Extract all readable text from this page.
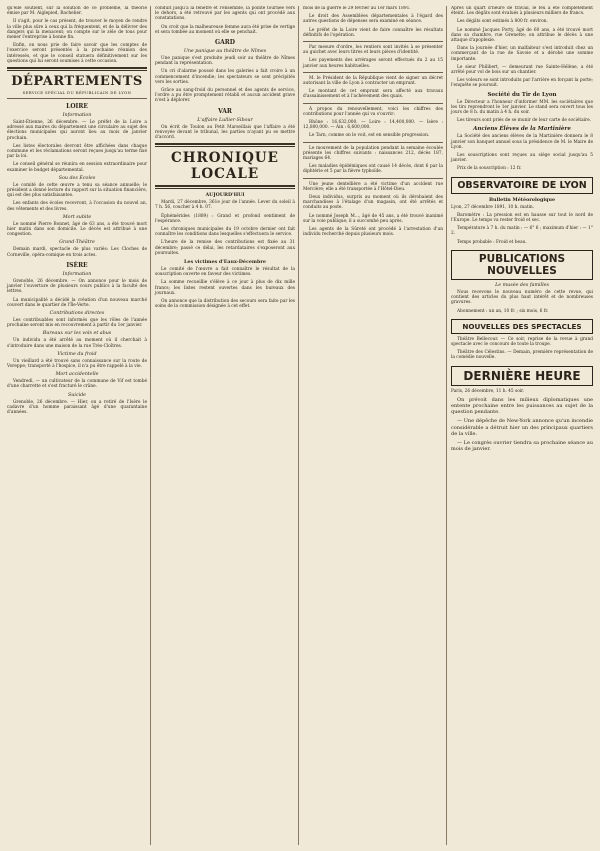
qu'elle soutient, sur la solution de ce problème, la théorie émise par M. Aiglepied, Bachelier.

Il s'agit, pour le cas présent, de trouver le moyen de rendre la ville plus sûre à ceux qui la fréquentent, et de la délivrer des dangers qui la menacent; on compte sur le zèle de tous pour mener l'entreprise à bonne fin.

Enfin, on nous prie de faire savoir que les comptes de l'exercice seront présentés à la prochaine réunion des intéressés, et que le conseil statuera définitivement sur les questions qui lui seront soumises à cette occasion.

DÉPARTEMENTS
SERVICE SPÉCIAL DU RÉPUBLICAIN DE LYON
LOIRE
Information

Saint-Étienne, 26 décembre. — Le préfet de la Loire a adressé aux maires du département une circulaire au sujet des élections municipales qui auront lieu au mois de janvier prochain.

Les listes électorales devront être affichées dans chaque commune et les réclamations seront reçues jusqu'au terme fixé par la loi.

Le conseil général se réunira en session extraordinaire pour examiner le budget départemental.

Sou des Écoles

Le comité de cette œuvre a tenu sa séance annuelle; le président a donné lecture du rapport sur la situation financière, qui est des plus satisfaisantes.

Les enfants des écoles recevront, à l'occasion du nouvel an, des vêtements et des livres.

Mort subite

Le nommé Pierre Bonnet, âgé de 63 ans, a été trouvé mort hier matin dans son domicile. Le décès est attribué à une congestion.

Grand-Théâtre

Demain mardi, spectacle de plus variés: Les Cloches de Corneville, opéra-comique en trois actes.

ISÈRE
Information

Grenoble, 26 décembre. — On annonce pour le mois de janvier l'ouverture de plusieurs cours publics à la faculté des lettres.

La municipalité a décidé la création d'un nouveau marché couvert dans le quartier de l'Île-Verte.

Contributions directes

Les contribuables sont informés que les rôles de l'année prochaine seront mis en recouvrement à partir du 1er janvier.

Bureaux sur les vols et abus

Un individu a été arrêté au moment où il cherchait à s'introduire dans une maison de la rue Très-Cloîtres.

Victime du froid

Un vieillard a été trouvé sans connaissance sur la route de Voreppe; transporté à l'hospice, il n'a pu être rappelé à la vie.

Mort accidentelle

Vendredi, — un cultivateur de la commune de Vif est tombé d'une charrette et s'est fracturé le crâne.

Suicide

Grenoble, 26 décembre. — Hier, on a retiré de l'Isère le cadavre d'un homme paraissant âgé d'une quarantaine d'années.

conduit jusqu'à la fenêtre et l'ensemble, la pointe tournée vers le dehors, a été retrouvé par les agents qui ont procédé aux constatations.

On croit que la malheureuse femme aura été prise de vertige et sera tombée au moment où elle se penchait.

GARD
Une panique au théâtre de Nîmes

Une panique s'est produite jeudi soir au théâtre de Nîmes pendant la représentation.

Un cri d'alarme poussé dans les galeries a fait croire à un commencement d'incendie; les spectateurs se sont précipités vers les sorties.

Grâce au sang-froid du personnel et des agents de service, l'ordre a pu être promptement rétabli et aucun accident grave n'est à déplorer.

VAR
L'affaire Lullier-Sibour

On écrit de Toulon au Petit Marseillais que l'affaire a été renvoyée devant le tribunal, les parties n'ayant pu se mettre d'accord.

CHRONIQUE LOCALE
AUJOURD'HUI

Mardi, 27 décembre, 361e jour de l'année. Lever du soleil à 7 h. 56, coucher à 4 h. 07.

Éphémérides (1889) : Grand et profond sentiment de l'espérance.

Les chroniques municipales du 19 octobre dernier ont fait connaître les conditions dans lesquelles s'effectuera le service.

L'heure de la remise des contributions est fixée au 31 décembre; passé ce délai, les retardataires s'exposeront aux poursuites.

Les victimes d'Eaux-Décembre

Le comité de l'œuvre a fait connaître le résultat de la souscription ouverte en faveur des victimes.

La somme recueillie s'élève à ce jour à plus de dix mille francs; les listes restent ouvertes dans les bureaux des journaux.

On annonce que la distribution des secours sera faite par les soins de la commission désignée à cet effet.

mois de la guerre le 29 février au 1er mars 1891.

Le droit des Assemblées départementales à l'égard des autres questions de dépenses sera examiné en séance.

Le préfet de la Loire vient de faire connaître les résultats définitifs de l'opération.

Par mesure d'ordre, les rentiers sont invités à se présenter au guichet avec leurs titres et leurs pièces d'identité.

Les payements des arrérages seront effectués du 2 au 15 janvier aux heures habituelles.

M. le Président de la République vient de signer un décret autorisant la ville de Lyon à contracter un emprunt.

Le montant de cet emprunt sera affecté aux travaux d'assainissement et à l'achèvement des quais.

À propos du renouvellement, voici les chiffres des contributions pour l'année qui va s'ouvrir:

Rhône : 16,632,000. — Loire : 14,400,000. — Isère : 12,800,000. — Ain : 6,600,000.

Le Tarn, comme on le voit, est en sensible progression.

Le mouvement de la population pendant la semaine écoulée présente les chiffres suivants : naissances 212, décès 187, mariages 64.

Les maladies épidémiques ont causé 14 décès, dont 6 par la diphtérie et 5 par la fièvre typhoïde.

Une jeune dentellière a été victime d'un accident rue Mercière; elle a été transportée à l'Hôtel-Dieu.

Deux individus, surpris au moment où ils dérobaient des marchandises à l'étalage d'un magasin, ont été arrêtés et conduits au poste.

Le nommé Joseph M…, âgé de 45 ans, a été trouvé inanimé sur la voie publique; il a succombé peu après.

Les agents de la Sûreté ont procédé à l'arrestation d'un individu recherché depuis plusieurs mois.

Après un quart d'heure de travail, le feu a été complètement éteint. Les dégâts sont évalués à plusieurs milliers de francs.

Les dégâts sont estimés à 800 fr. environ.

Le nommé Jacques Porty, âgé de 60 ans, a été trouvé mort dans sa chambre, rue Grenette; on attribue le décès à une attaque d'apoplexie.

Dans la journée d'hier, un malfaiteur s'est introduit chez un commerçant de la rue de Savoie et a dérobé une somme importante.

Le sieur Philibert, — demeurant rue Sainte-Hélène, a été arrêté pour vol de bois sur un chantier.

Les voleurs se sont introduits par l'arrière en forçant la porte; l'enquête se poursuit.

Société du Tir de Lyon

Le Directeur a l'honneur d'informer MM. les sociétaires que les tirs reprendront le 1er janvier. Le stand sera ouvert tous les jours de 8 h. du matin à 4 h. du soir.

Les tireurs sont priés de se munir de leur carte de sociétaire.

Anciens Élèves de la Martinière

La Société des anciens élèves de la Martinière donnera le 8 janvier son banquet annuel sous la présidence de M. le Maire de Lyon.

Les souscriptions sont reçues au siège social jusqu'au 5 janvier.

Prix de la souscription : 12 fr.

OBSERVATOIRE DE LYON
Bulletin Météorologique

Lyon, 27 décembre 1891, 10 h. matin.

Baromètre : La pression est en hausse sur tout le nord de l'Europe. Le temps va rester froid et sec.

Température à 7 h. du matin : — 6° 6 ; maximum d'hier : — 1° 2.

Temps probable : Froid et beau.

PUBLICATIONS NOUVELLES
Le musée des familles

Nous recevons le nouveau numéro de cette revue, qui contient des articles du plus haut intérêt et de nombreuses gravures.

Abonnement : un an, 10 fr. ; six mois, 6 fr.

NOUVELLES DES SPECTACLES

Théâtre Bellecour. — Ce soir, reprise de la revue à grand spectacle avec le concours de toute la troupe.

Théâtre des Célestins. — Demain, première représentation de la comédie nouvelle.

DERNIÈRE HEURE

Paris, 26 décembre, 11 h. 45 soir.

On prévoit dans les milieux diplomatiques une entente prochaine entre les puissances au sujet de la question pendante.

— Une dépêche de New-York annonce qu'un incendie considérable a détruit hier un des principaux quartiers de la ville.

— Le congrès ouvrier tiendra sa prochaine séance au mois de janvier.
